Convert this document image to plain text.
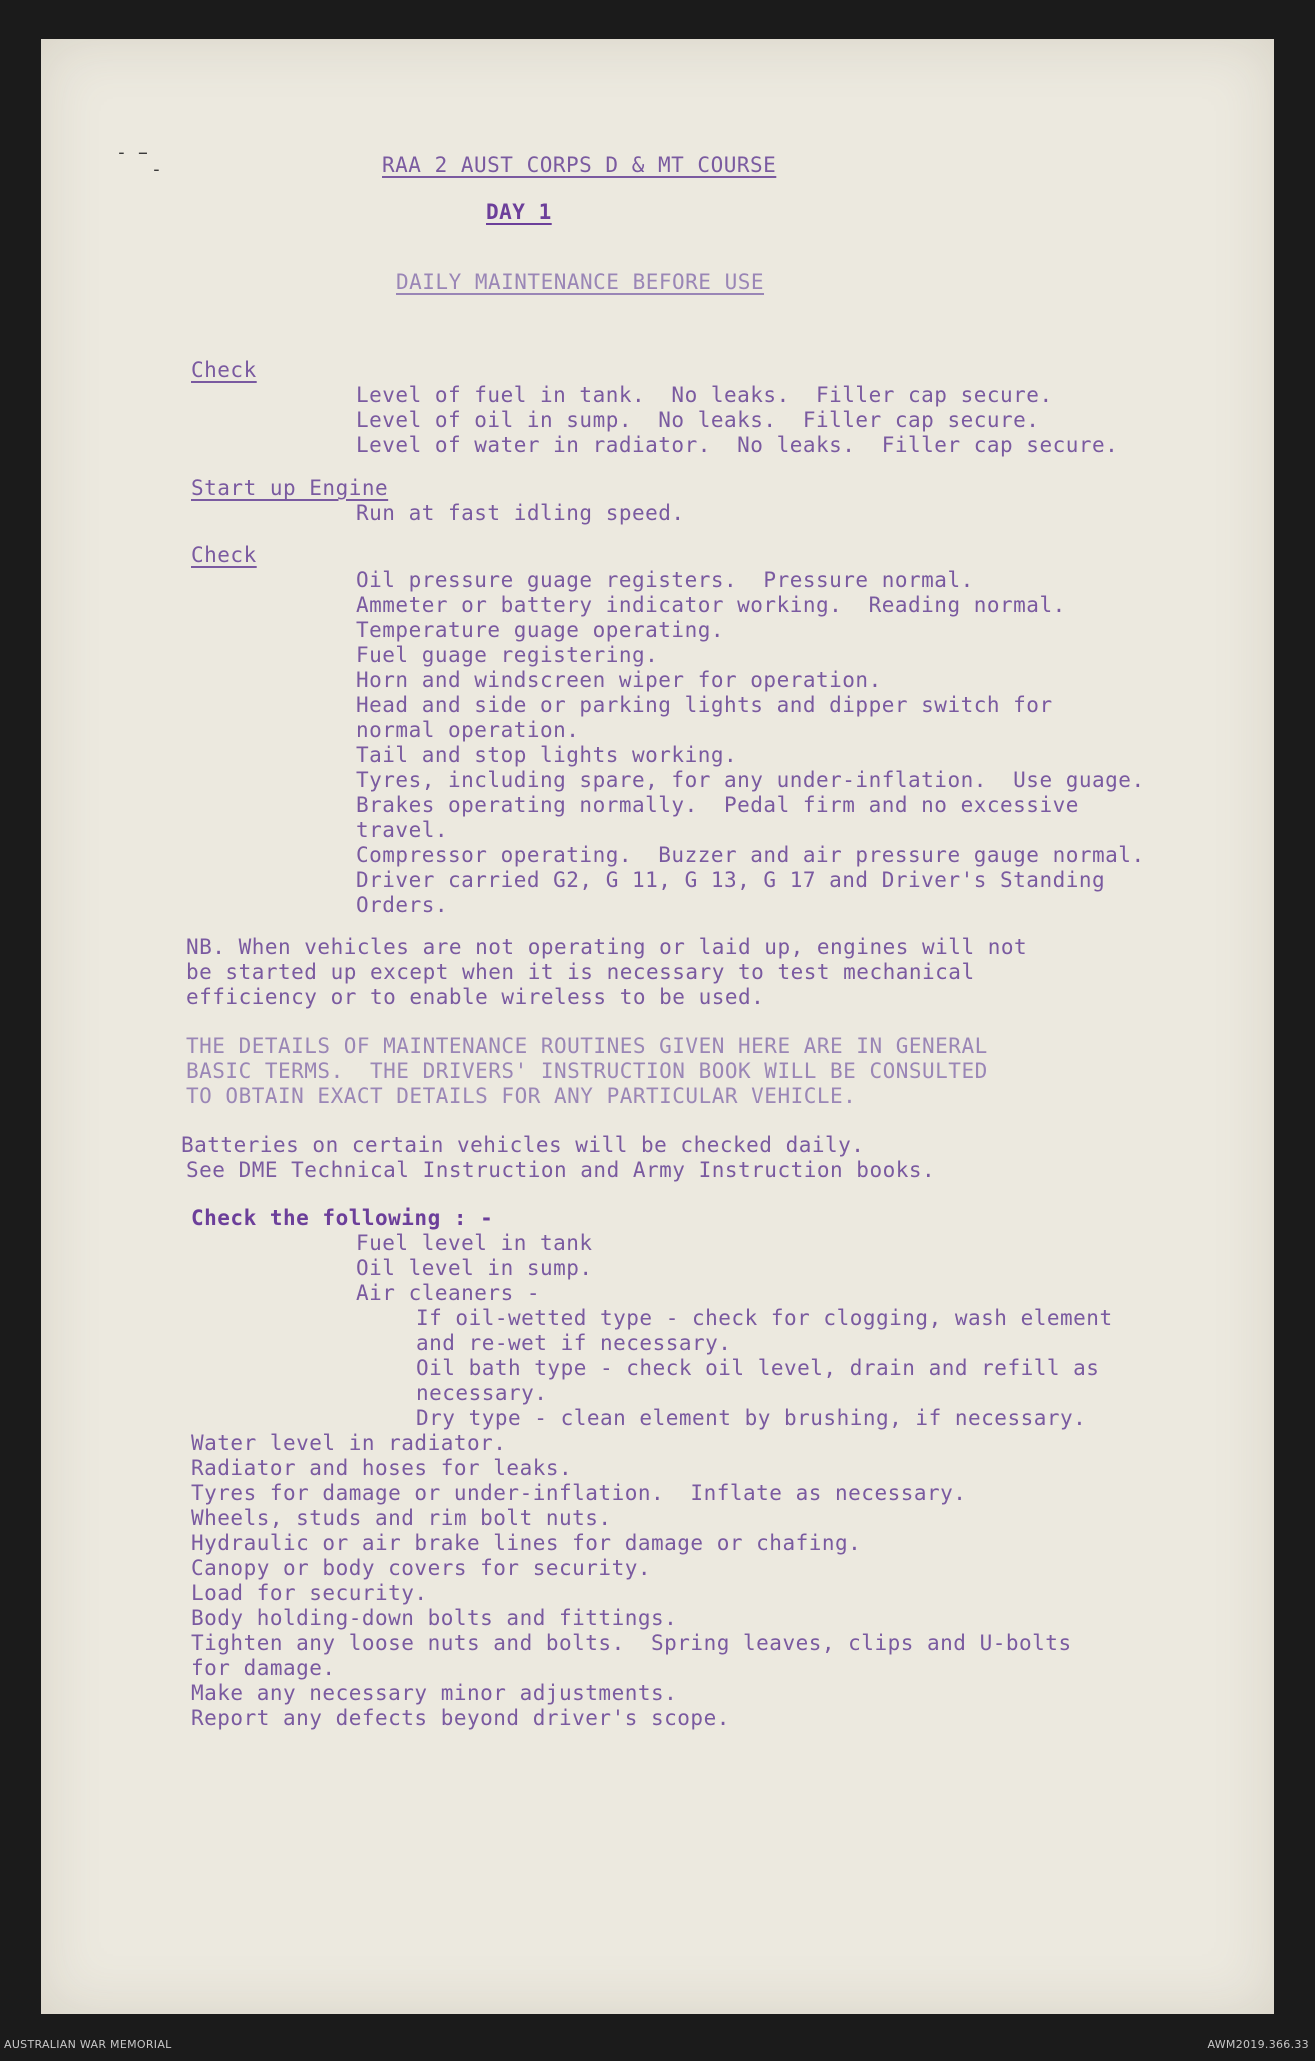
‐ ̵
‐	RAA 2 AUST CORPS D & MT COURSE
DAY 1
DAILY MAINTENANCE BEFORE USE
Check
Level of fuel in tank.  No leaks.  Filler cap secure.
Level of oil in sump.  No leaks.  Filler cap secure.
Level of water in radiator.  No leaks.  Filler cap secure.
Start up Engine
Run at fast idling speed.
Check
Oil pressure guage registers.  Pressure normal.
Ammeter or battery indicator working.  Reading normal.
Temperature guage operating.
Fuel guage registering.
Horn and windscreen wiper for operation.
Head and side or parking lights and dipper switch for
normal operation.
Tail and stop lights working.
Tyres, including spare, for any under-inflation.  Use guage.
Brakes operating normally.  Pedal firm and no excessive
travel.
Compressor operating.  Buzzer and air pressure gauge normal.
Driver carried G2, G 11, G 13, G 17 and Driver's Standing
Orders.
NB. When vehicles are not operating or laid up, engines will not
be started up except when it is necessary to test mechanical
efficiency or to enable wireless to be used.
THE DETAILS OF MAINTENANCE ROUTINES GIVEN HERE ARE IN GENERAL
BASIC TERMS.  THE DRIVERS' INSTRUCTION BOOK WILL BE CONSULTED
TO OBTAIN EXACT DETAILS FOR ANY PARTICULAR VEHICLE.
Batteries on certain vehicles will be checked daily.
See DME Technical Instruction and Army Instruction books.
Check the following : -
Fuel level in tank
Oil level in sump.
Air cleaners -
If oil-wetted type - check for clogging, wash element
and re-wet if necessary.
Oil bath type - check oil level, drain and refill as
necessary.
Dry type - clean element by brushing, if necessary.
Water level in radiator.
Radiator and hoses for leaks.
Tyres for damage or under-inflation.  Inflate as necessary.
Wheels, studs and rim bolt nuts.
Hydraulic or air brake lines for damage or chafing.
Canopy or body covers for security.
Load for security.
Body holding-down bolts and fittings.
Tighten any loose nuts and bolts.  Spring leaves, clips and U-bolts
for damage.
Make any necessary minor adjustments.
Report any defects beyond driver's scope.
AUSTRALIAN WAR MEMORIAL	AWM2019.366.33
